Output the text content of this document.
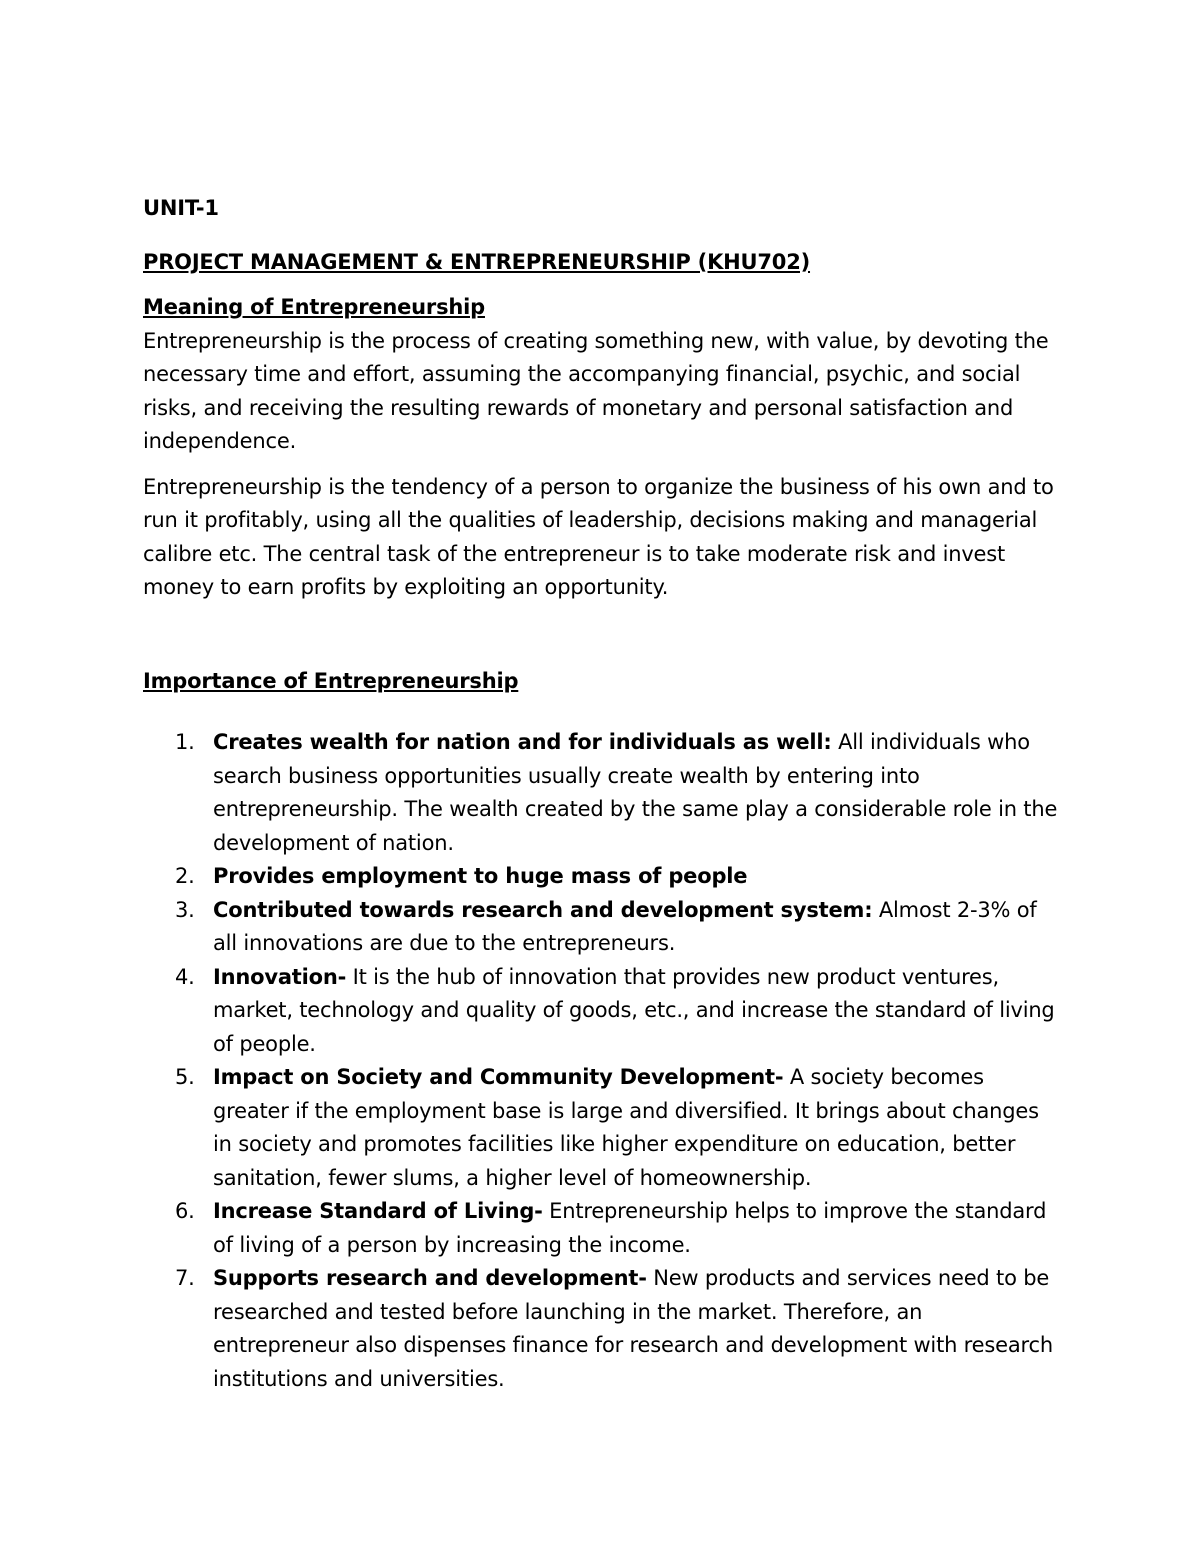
UNIT-1
PROJECT MANAGEMENT & ENTREPRENEURSHIP (KHU702)
Meaning of Entrepreneurship

Entrepreneurship is the process of creating something new, with value, by devoting the necessary time and effort, assuming the accompanying financial, psychic, and social risks, and receiving the resulting rewards of monetary and personal satisfaction and independence.

Entrepreneurship is the tendency of a person to organize the business of his own and to run it profitably, using all the qualities of leadership, decisions making and managerial calibre etc. The central task of the entrepreneur is to take moderate risk and invest money to earn profits by exploiting an opportunity.

Importance of Entrepreneurship
1. Creates wealth for nation and for individuals as well: All individuals who search business opportunities usually create wealth by entering into entrepreneurship. The wealth created by the same play a considerable role in the development of nation.
2. Provides employment to huge mass of people
3. Contributed towards research and development system: Almost 2-3% of all innovations are due to the entrepreneurs.
4. Innovation- It is the hub of innovation that provides new product ventures, market, technology and quality of goods, etc., and increase the standard of living of people.
5. Impact on Society and Community Development- A society becomes greater if the employment base is large and diversified. It brings about changes in society and promotes facilities like higher expenditure on education, better sanitation, fewer slums, a higher level of homeownership.
6. Increase Standard of Living- Entrepreneurship helps to improve the standard of living of a person by increasing the income.
7. Supports research and development- New products and services need to be researched and tested before launching in the market. Therefore, an entrepreneur also dispenses finance for research and development with research institutions and universities.
